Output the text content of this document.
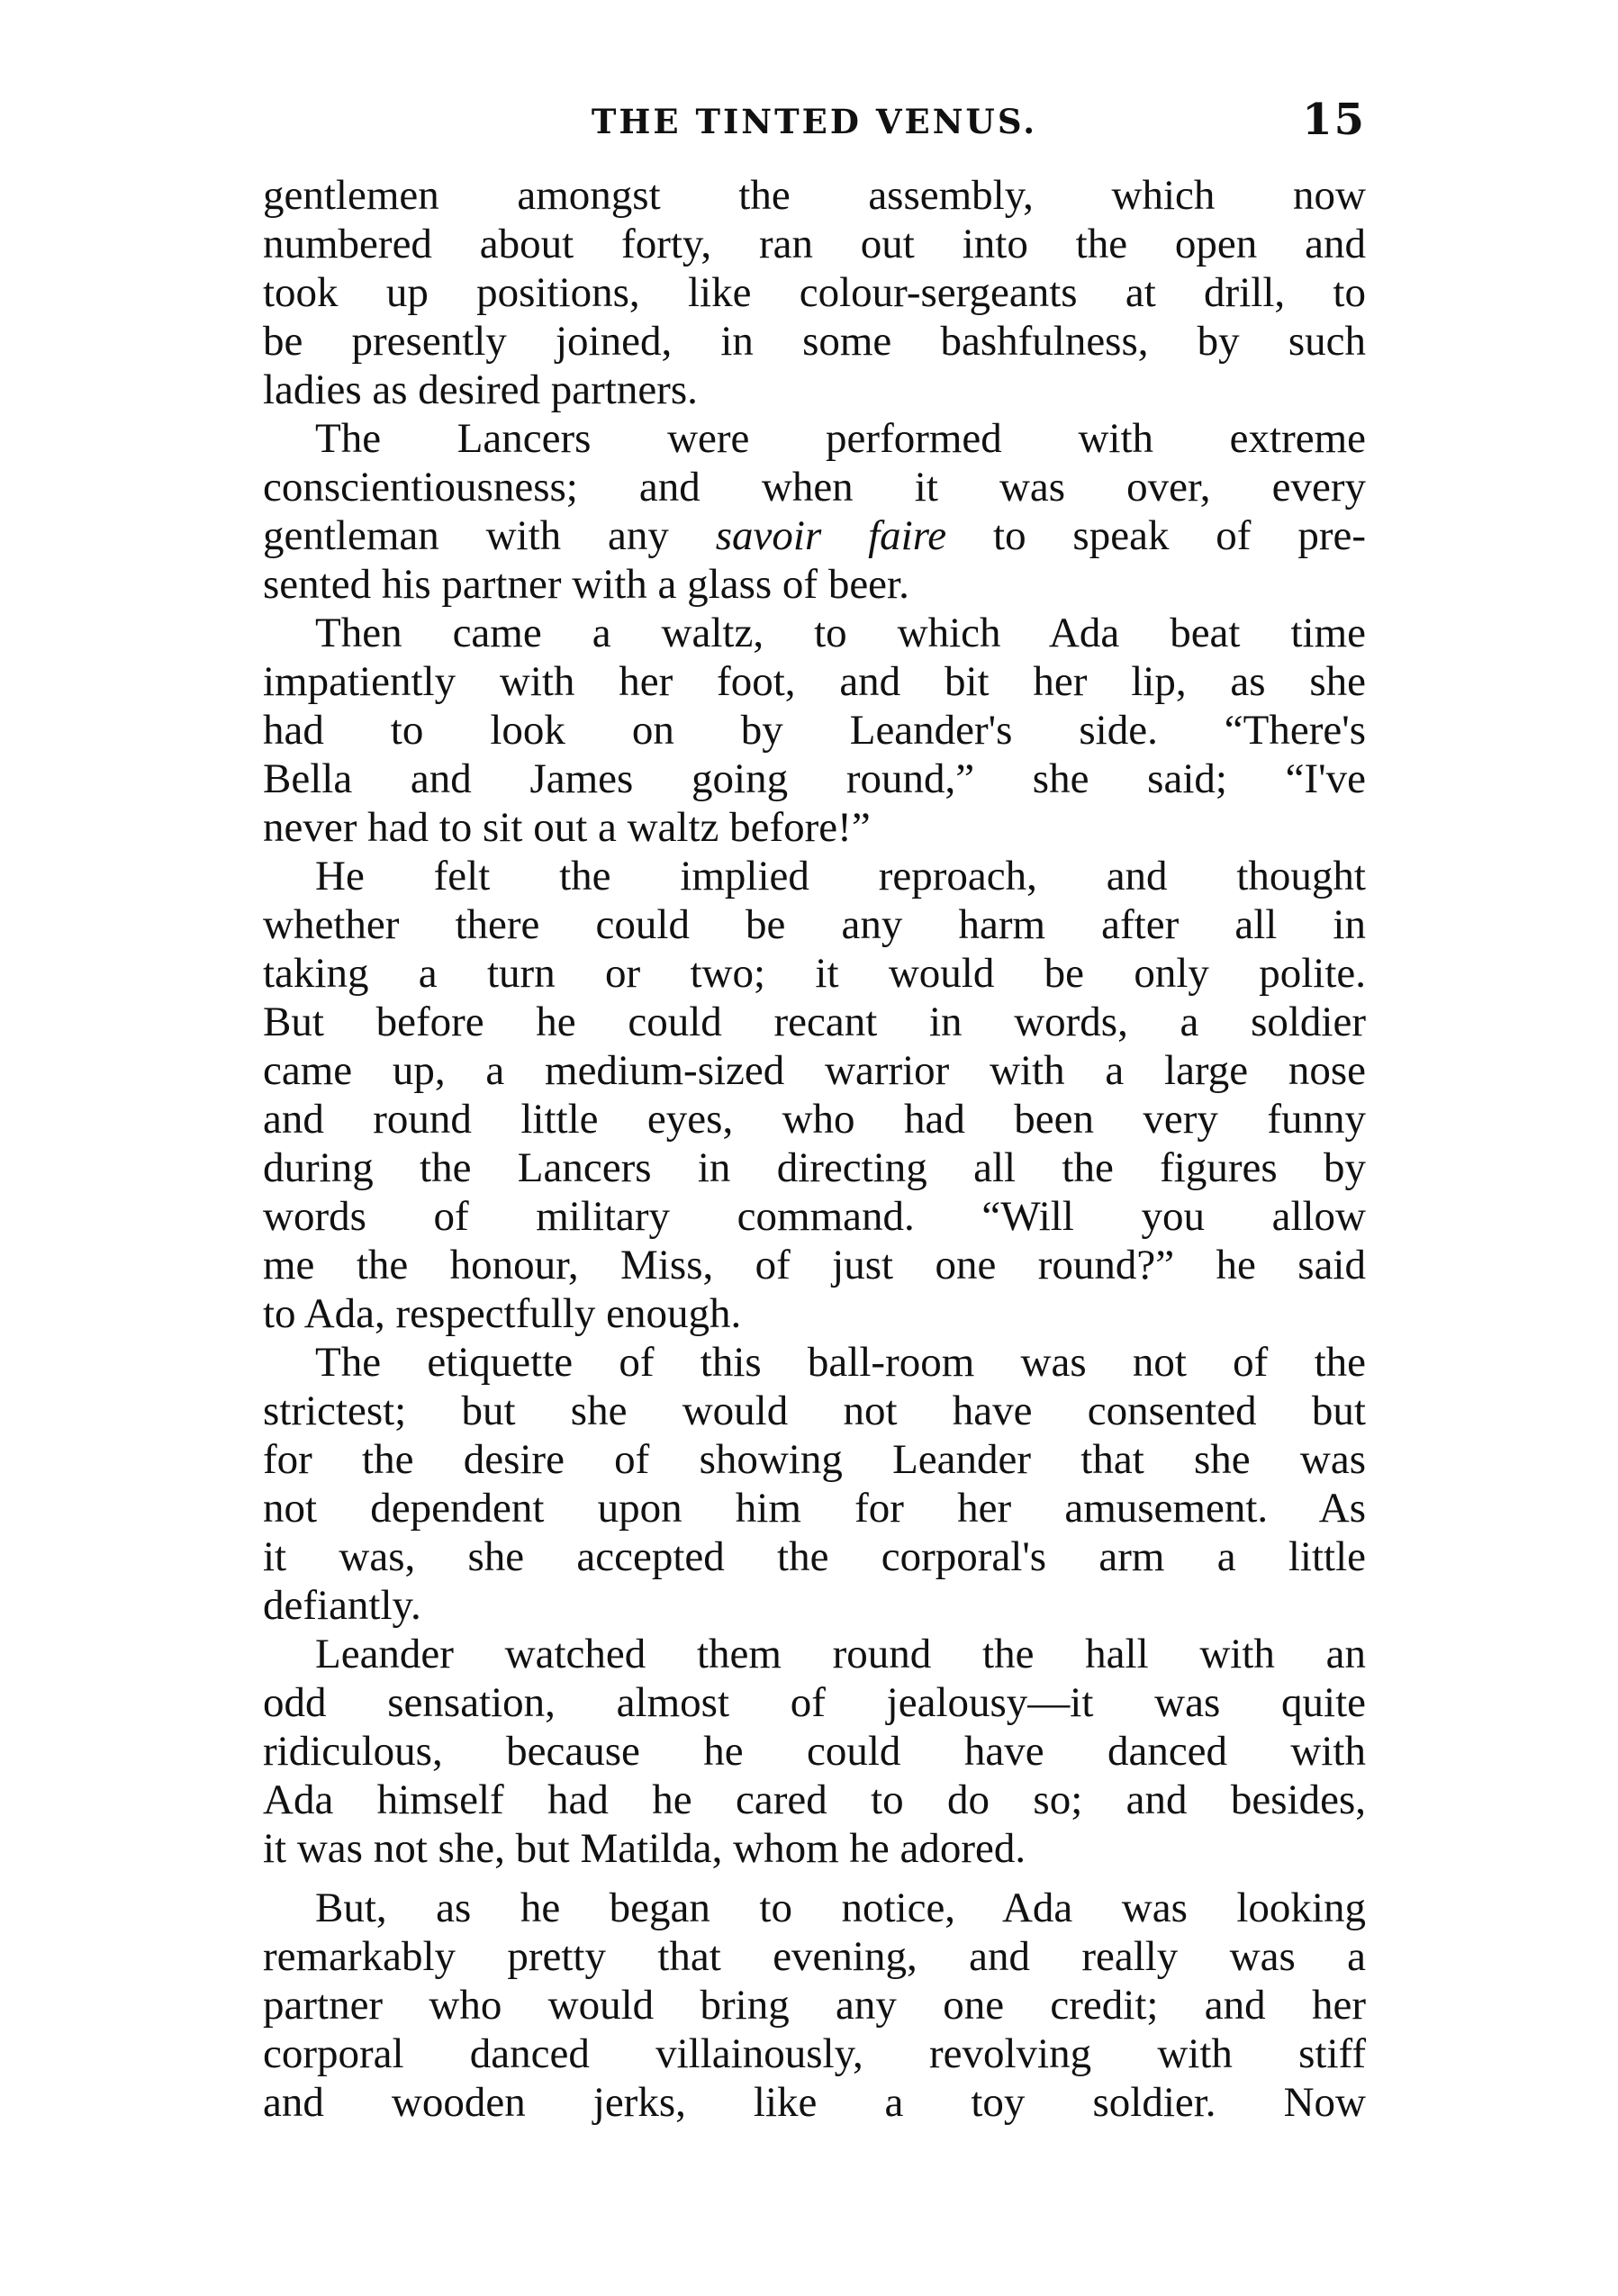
THE TINTED VENUS.	15
gentlemen amongst the assembly, which now
numbered about forty, ran out into the open and
took up positions, like colour-sergeants at drill, to
be presently joined, in some bashfulness, by such
ladies as desired partners.
The Lancers were performed with extreme
conscientiousness; and when it was over, every
gentleman with any savoir faire to speak of pre-
sented his partner with a glass of beer.
Then came a waltz, to which Ada beat time
impatiently with her foot, and bit her lip, as she
had to look on by Leander's side. “There's
Bella and James going round,” she said; “I've
never had to sit out a waltz before!”
He felt the implied reproach, and thought
whether there could be any harm after all in
taking a turn or two; it would be only polite.
But before he could recant in words, a soldier
came up, a medium-sized warrior with a large nose
and round little eyes, who had been very funny
during the Lancers in directing all the figures by
words of military command. “Will you allow
me the honour, Miss, of just one round?” he said
to Ada, respectfully enough.
The etiquette of this ball-room was not of the
strictest; but she would not have consented but
for the desire of showing Leander that she was
not dependent upon him for her amusement. As
it was, she accepted the corporal's arm a little
defiantly.
Leander watched them round the hall with an
odd sensation, almost of jealousy—it was quite
ridiculous, because he could have danced with
Ada himself had he cared to do so; and besides,
it was not she, but Matilda, whom he adored.
But, as he began to notice, Ada was looking
remarkably pretty that evening, and really was a
partner who would bring any one credit; and her
corporal danced villainously, revolving with stiff
and wooden jerks, like a toy soldier. Now
